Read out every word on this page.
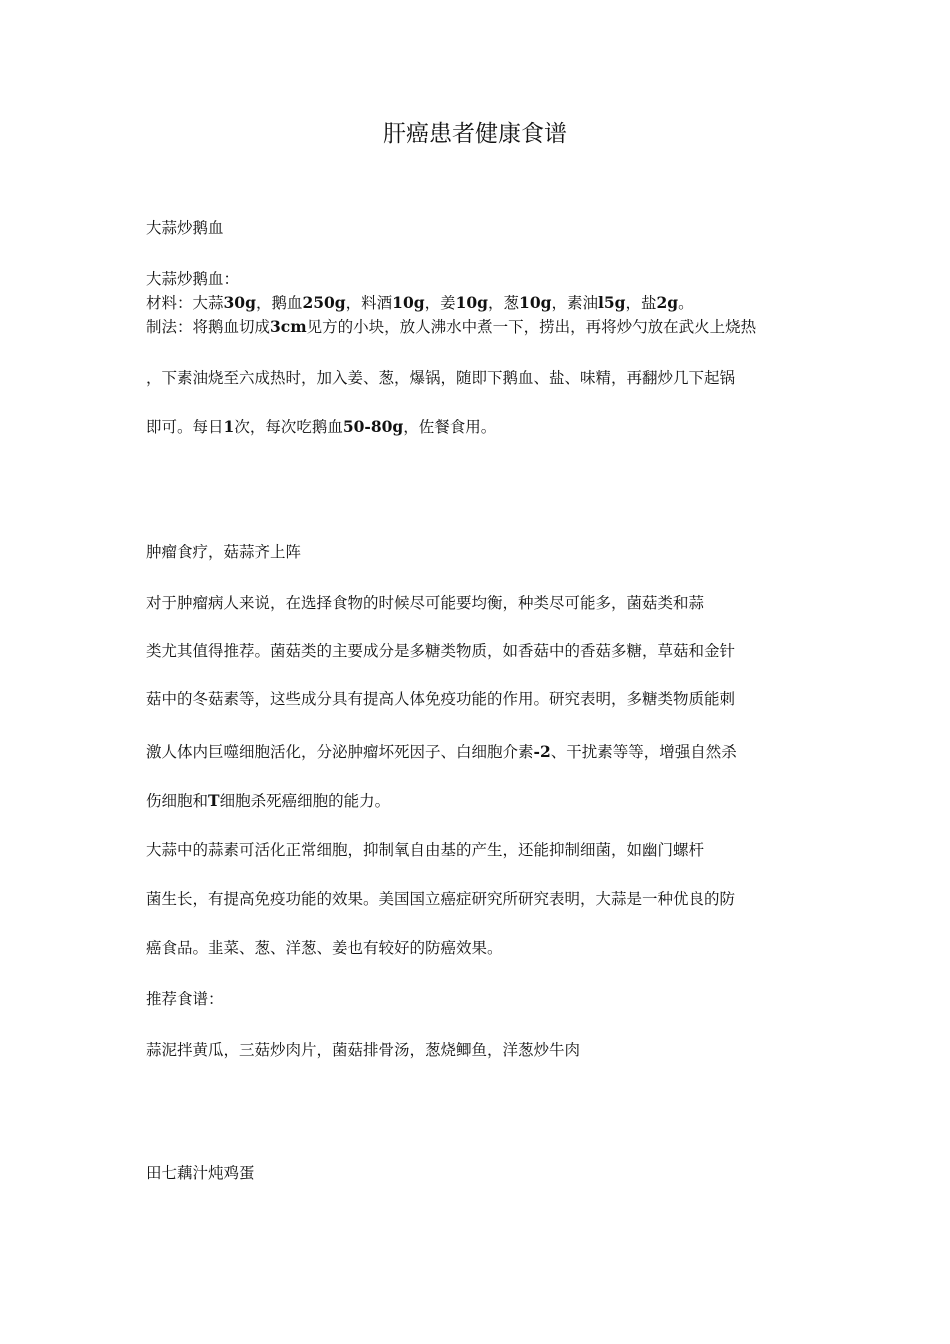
肝癌患者健康食谱
大蒜炒鹅血
大蒜炒鹅血：
材料：大蒜30g，鹅血250g，料酒10g，姜10g，葱10g，素油l5g，盐2g。
制法：将鹅血切成3cm见方的小块，放人沸水中煮一下，捞出，再将炒勺放在武火上烧热
，下素油烧至六成热时，加入姜、葱，爆锅，随即下鹅血、盐、味精，再翻炒几下起锅
即可。每日1次，每次吃鹅血50-80g，佐餐食用。
肿瘤食疗，菇蒜齐上阵
对于肿瘤病人来说，在选择食物的时候尽可能要均衡，种类尽可能多，菌菇类和蒜
类尤其值得推荐。菌菇类的主要成分是多糖类物质，如香菇中的香菇多糖，草菇和金针
菇中的冬菇素等，这些成分具有提高人体免疫功能的作用。研究表明，多糖类物质能刺
激人体内巨噬细胞活化，分泌肿瘤坏死因子、白细胞介素-2、干扰素等等，增强自然杀
伤细胞和T细胞杀死癌细胞的能力。
大蒜中的蒜素可活化正常细胞，抑制氧自由基的产生，还能抑制细菌，如幽门螺杆
菌生长，有提高免疫功能的效果。美国国立癌症研究所研究表明，大蒜是一种优良的防
癌食品。韭菜、葱、洋葱、姜也有较好的防癌效果。
推荐食谱：
蒜泥拌黄瓜，三菇炒肉片，菌菇排骨汤，葱烧鲫鱼，洋葱炒牛肉
田七藕汁炖鸡蛋
